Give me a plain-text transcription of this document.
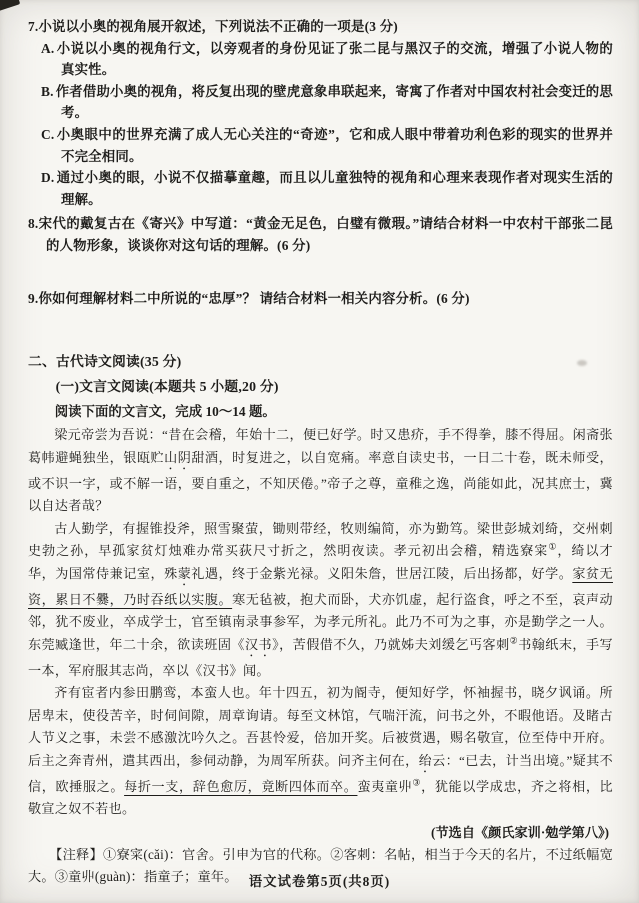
7.小说以小奥的视角展开叙述，下列说法不正确的一项是(3 分)
A. 小说以小奥的视角行文，以旁观者的身份见证了张二昆与黑汉子的交流，增强了小说人物的真实性。
B. 作者借助小奥的视角，将反复出现的壁虎意象串联起来，寄寓了作者对中国农村社会变迁的思考。
C. 小奥眼中的世界充满了成人无心关注的“奇迹”，它和成人眼中带着功利色彩的现实的世界并不完全相同。
D. 通过小奥的眼，小说不仅描摹童趣，而且以儿童独特的视角和心理来表现作者对现实生活的理解。
8.宋代的戴复古在《寄兴》中写道：“黄金无足色，白璧有微瑕。”请结合材料一中农村干部张二昆的人物形象，谈谈你对这句话的理解。(6 分)
9.你如何理解材料二中所说的“忠厚”？ 请结合材料一相关内容分析。(6 分)
二、古代诗文阅读(35 分)
(一)文言文阅读(本题共 5 小题,20 分)
阅读下面的文言文，完成 10～14 题。

梁元帝尝为吾说：“昔在会稽，年始十二，便已好学。时又患疥，手不得拳，膝不得屈。闲斋张葛帏避蝇独坐，银瓯贮山阴甜酒，时复进之，以自宽痛。率意自读史书，一日二十卷，既未师受，或不识一字，或不解一语，要自重之，不知厌倦。”帝子之尊，童稚之逸，尚能如此，况其庶士，冀以自达者哉？

古人勤学，有握锥投斧，照雪聚萤，锄则带经，牧则编简，亦为勤笃。梁世彭城刘绮，交州刺史勃之孙，早孤家贫灯烛难办常买荻尺寸折之，然明夜读。孝元初出会稽，精选寮寀①，绮以才华，为国常侍兼记室，殊蒙礼遇，终于金紫光禄。义阳朱詹，世居江陵，后出扬都，好学。家贫无资，累日不爨，乃时吞纸以实腹。寒无毡被，抱犬而卧，犬亦饥虚，起行盗食，呼之不至，哀声动邻，犹不废业，卒成学士，官至镇南录事参军，为孝元所礼。此乃不可为之事，亦是勤学之一人。东莞臧逢世，年二十余，欲读班固《汉书》，苦假借不久，乃就姊夫刘缓乞丐客刺②书翰纸末，手写一本，军府服其志尚，卒以《汉书》闻。

齐有宦者内参田鹏鸾，本蛮人也。年十四五，初为阍寺，便知好学，怀袖握书，晓夕讽诵。所居卑末，使役苦辛，时伺间隙，周章询请。每至文林馆，气喘汗流，问书之外，不暇他语。及睹古人节义之事，未尝不感激沈吟久之。吾甚怜爱，倍加开奖。后被赏遇，赐名敬宣，位至侍中开府。后主之奔青州，遣其西出，参伺动静，为周军所获。问齐主何在，绐云：“已去，计当出境。”疑其不信，欧捶服之。每折一支，辞色愈厉，竟断四体而卒。蛮夷童丱③，犹能以学成忠，齐之将相，比敬宣之奴不若也。

(节选自《颜氏家训·勉学第八》)
【注释】①寮寀(cǎi)：官舍。引申为官的代称。②客刺：名帖，相当于今天的名片，不过纸幅宽大。③童丱(guàn)：指童子；童年。 语文试卷第5页(共8页)
